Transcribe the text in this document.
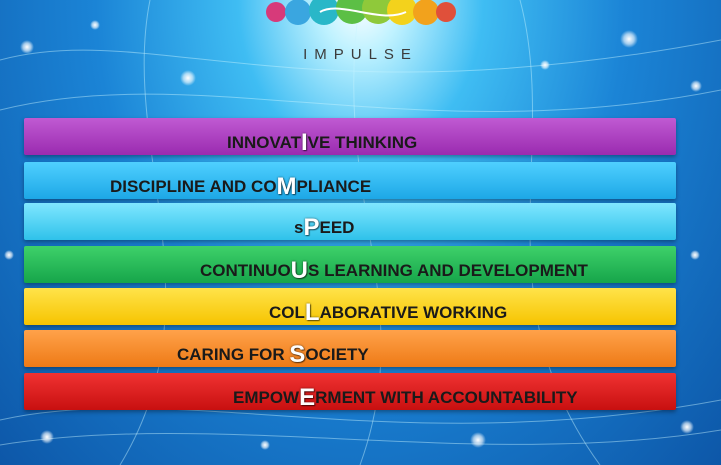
IMPULSE
INNOVATIVE THINKING
DISCIPLINE AND COMPLIANCE
sPEED
CONTINUOUS LEARNING AND DEVELOPMENT
COLLABORATIVE WORKING
CARING FOR SOCIETY
EMPOWERMENT WITH ACCOUNTABILITY
